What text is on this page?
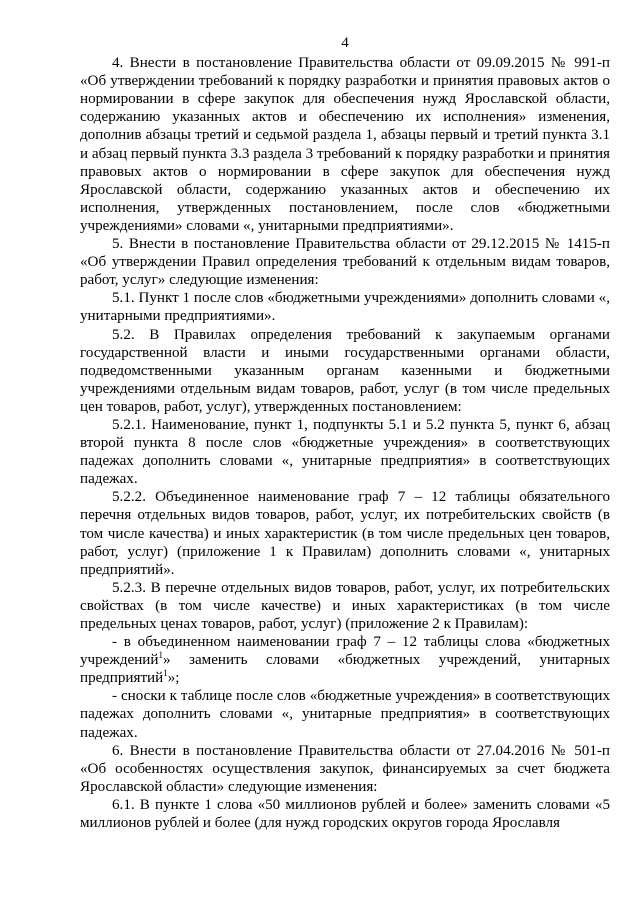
4

4. Внести в постановление Правительства области от 09.09.2015 № 991-п «Об утверждении требований к порядку разработки и принятия правовых актов о нормировании в сфере закупок для обеспечения нужд Ярославской области, содержанию указанных актов и обеспечению их исполнения» изменения, дополнив абзацы третий и седьмой раздела 1, абзацы первый и третий пункта 3.1 и абзац первый пункта 3.3 раздела 3 требований к порядку разработки и принятия правовых актов о нормировании в сфере закупок для обеспечения нужд Ярославской области, содержанию указанных актов и обеспечению их исполнения, утвержденных постановлением, после слов «бюджетными учреждениями» словами «, унитарными предприятиями».

5. Внести в постановление Правительства области от 29.12.2015 № 1415-п «Об утверждении Правил определения требований к отдельным видам товаров, работ, услуг» следующие изменения:

5.1. Пункт 1 после слов «бюджетными учреждениями» дополнить словами «, унитарными предприятиями».

5.2. В Правилах определения требований к закупаемым органами государственной власти и иными государственными органами области, подведомственными указанным органам казенными и бюджетными учреждениями отдельным видам товаров, работ, услуг (в том числе предельных цен товаров, работ, услуг), утвержденных постановлением:

5.2.1. Наименование, пункт 1, подпункты 5.1 и 5.2 пункта 5, пункт 6, абзац второй пункта 8 после слов «бюджетные учреждения» в соответствующих падежах дополнить словами «, унитарные предприятия» в соответствующих падежах.

5.2.2. Объединенное наименование граф 7 – 12 таблицы обязательного перечня отдельных видов товаров, работ, услуг, их потребительских свойств (в том числе качества) и иных характеристик (в том числе предельных цен товаров, работ, услуг) (приложение 1 к Правилам) дополнить словами «, унитарных предприятий».

5.2.3. В перечне отдельных видов товаров, работ, услуг, их потребительских свойствах (в том числе качестве) и иных характеристиках (в том числе предельных ценах товаров, работ, услуг) (приложение 2 к Правилам):

- в объединенном наименовании граф 7 – 12 таблицы слова «бюджетных учреждений$^1$» заменить словами «бюджетных учреждений, унитарных предприятий$^1$»;

- сноски к таблице после слов «бюджетные учреждения» в соответствующих падежах дополнить словами «, унитарные предприятия» в соответствующих падежах.

6. Внести в постановление Правительства области от 27.04.2016 № 501-п «Об особенностях осуществления закупок, финансируемых за счет бюджета Ярославской области» следующие изменения:

6.1. В пункте 1 слова «50 миллионов рублей и более» заменить словами «5 миллионов рублей и более (для нужд городских округов города Ярославля
